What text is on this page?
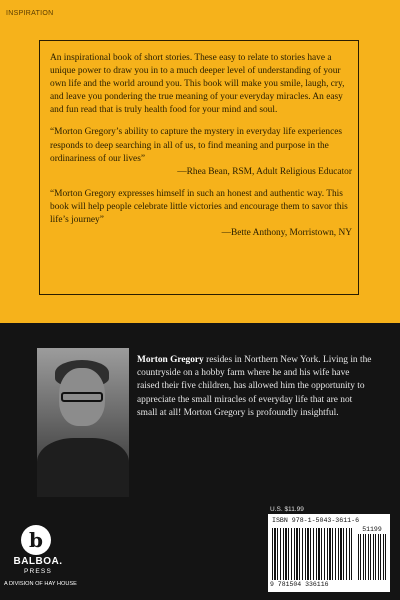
INSPIRATION

An inspirational book of short stories. These easy to relate to stories have a unique power to draw you in to a much deeper level of understanding of your own life and the world around you. This book will make you smile, laugh, cry, and leave you pondering the true meaning of your everyday miracles. An easy and fun read that is truly health food for your mind and soul.

“Morton Gregory’s ability to capture the mystery in everyday life experiences responds to deep searching in all of us, to find meaning and purpose in the ordinariness of our lives”

—Rhea Bean, RSM, Adult Religious Educator

“Morton Gregory expresses himself in such an honest and authentic way. This book will help people celebrate little victories and encourage them to savor this life’s journey”

—Bette Anthony, Morristown, NY
Morton Gregory resides in Northern New York. Living in the countryside on a hobby farm where he and his wife have raised their five children, has allowed him the opportunity to appreciate the small miracles of everyday life that are not small at all! Morton Gregory is profoundly insightful.
b
BALBOA.
PRESS
A DIVISION OF HAY HOUSE
U.S. $11.99
ISBN 978-1-5043-3611-6
51199
9 781504 336116
